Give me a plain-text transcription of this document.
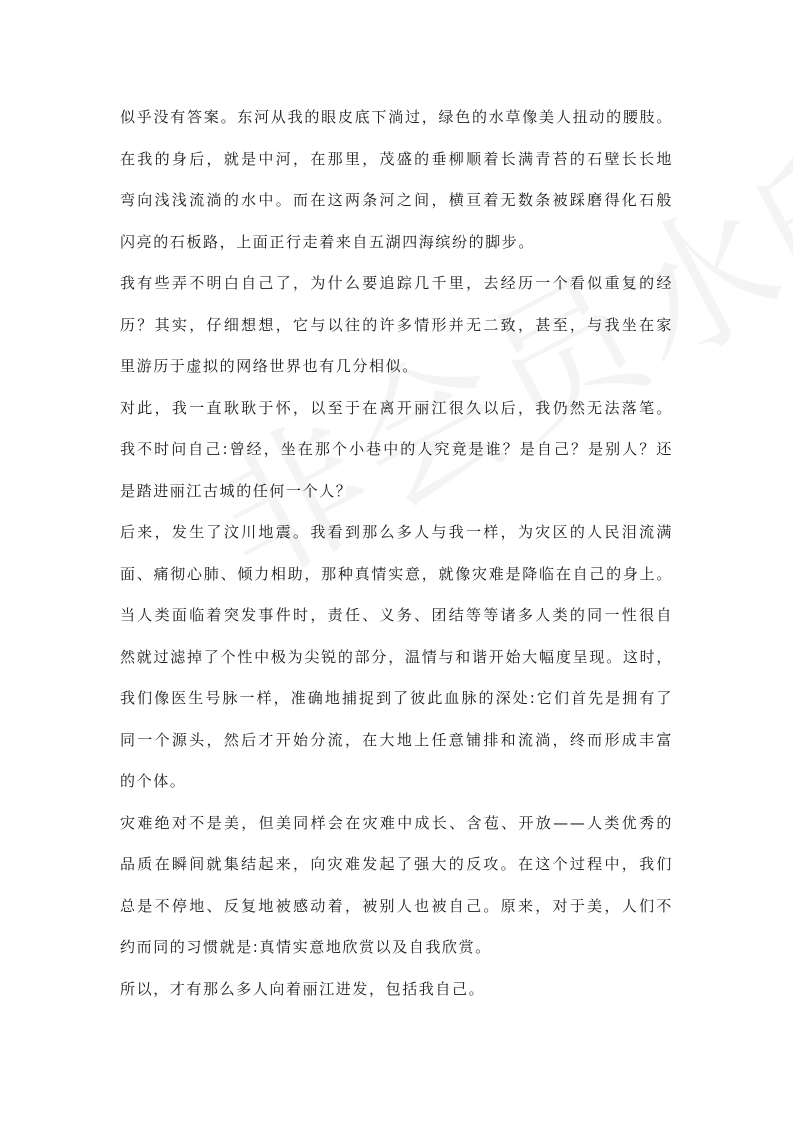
似乎没有答案。东河从我的眼皮底下淌过，绿色的水草像美人扭动的腰肢。
在我的身后，就是中河，在那里，茂盛的垂柳顺着长满青苔的石壁长长地
弯向浅浅流淌的水中。而在这两条河之间，横亘着无数条被踩磨得化石般
闪亮的石板路，上面正行走着来自五湖四海缤纷的脚步。
我有些弄不明白自己了，为什么要追踪几千里，去经历一个看似重复的经
历？其实，仔细想想，它与以往的许多情形并无二致，甚至，与我坐在家
里游历于虚拟的网络世界也有几分相似。
对此，我一直耿耿于怀，以至于在离开丽江很久以后，我仍然无法落笔。
我不时问自己:曾经，坐在那个小巷中的人究竟是谁？是自己？是别人？还
是踏进丽江古城的任何一个人？
后来，发生了汶川地震。我看到那么多人与我一样，为灾区的人民泪流满
面、痛彻心肺、倾力相助，那种真情实意，就像灾难是降临在自己的身上。
当人类面临着突发事件时，责任、义务、团结等等诸多人类的同一性很自
然就过滤掉了个性中极为尖锐的部分，温情与和谐开始大幅度呈现。这时，
我们像医生号脉一样，准确地捕捉到了彼此血脉的深处:它们首先是拥有了
同一个源头，然后才开始分流，在大地上任意铺排和流淌，终而形成丰富
的个体。
灾难绝对不是美，但美同样会在灾难中成长、含苞、开放——人类优秀的
品质在瞬间就集结起来，向灾难发起了强大的反攻。在这个过程中，我们
总是不停地、反复地被感动着，被别人也被自己。原来，对于美，人们不
约而同的习惯就是:真情实意地欣赏以及自我欣赏。
所以，才有那么多人向着丽江进发，包括我自己。
